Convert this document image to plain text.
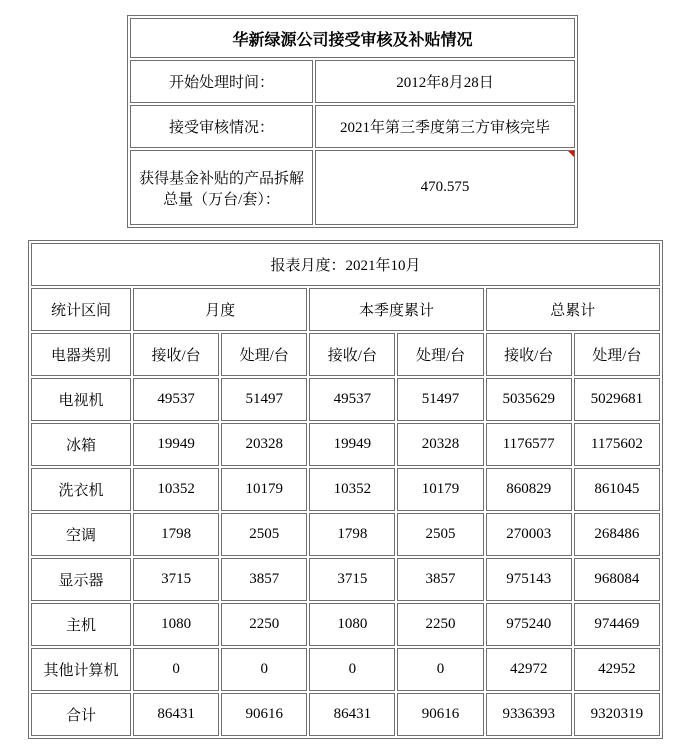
华新绿源公司接受审核及补贴情况	
开始处理时间：	2012年8月28日
接受审核情况：	2021年第三季度第三方审核完毕
获得基金补贴的产品拆解总量（万台/套）：	470.575
报表月度：2021年10月						
统计区间	月度		本季度累计		总累计	
电器类别	接收/台	处理/台	接收/台	处理/台	接收/台	处理/台
电视机	49537	51497	49537	51497	5035629	5029681
冰箱	19949	20328	19949	20328	1176577	1175602
洗衣机	10352	10179	10352	10179	860829	861045
空调	1798	2505	1798	2505	270003	268486
显示器	3715	3857	3715	3857	975143	968084
主机	1080	2250	1080	2250	975240	974469
其他计算机	0	0	0	0	42972	42952
合计	86431	90616	86431	90616	9336393	9320319
